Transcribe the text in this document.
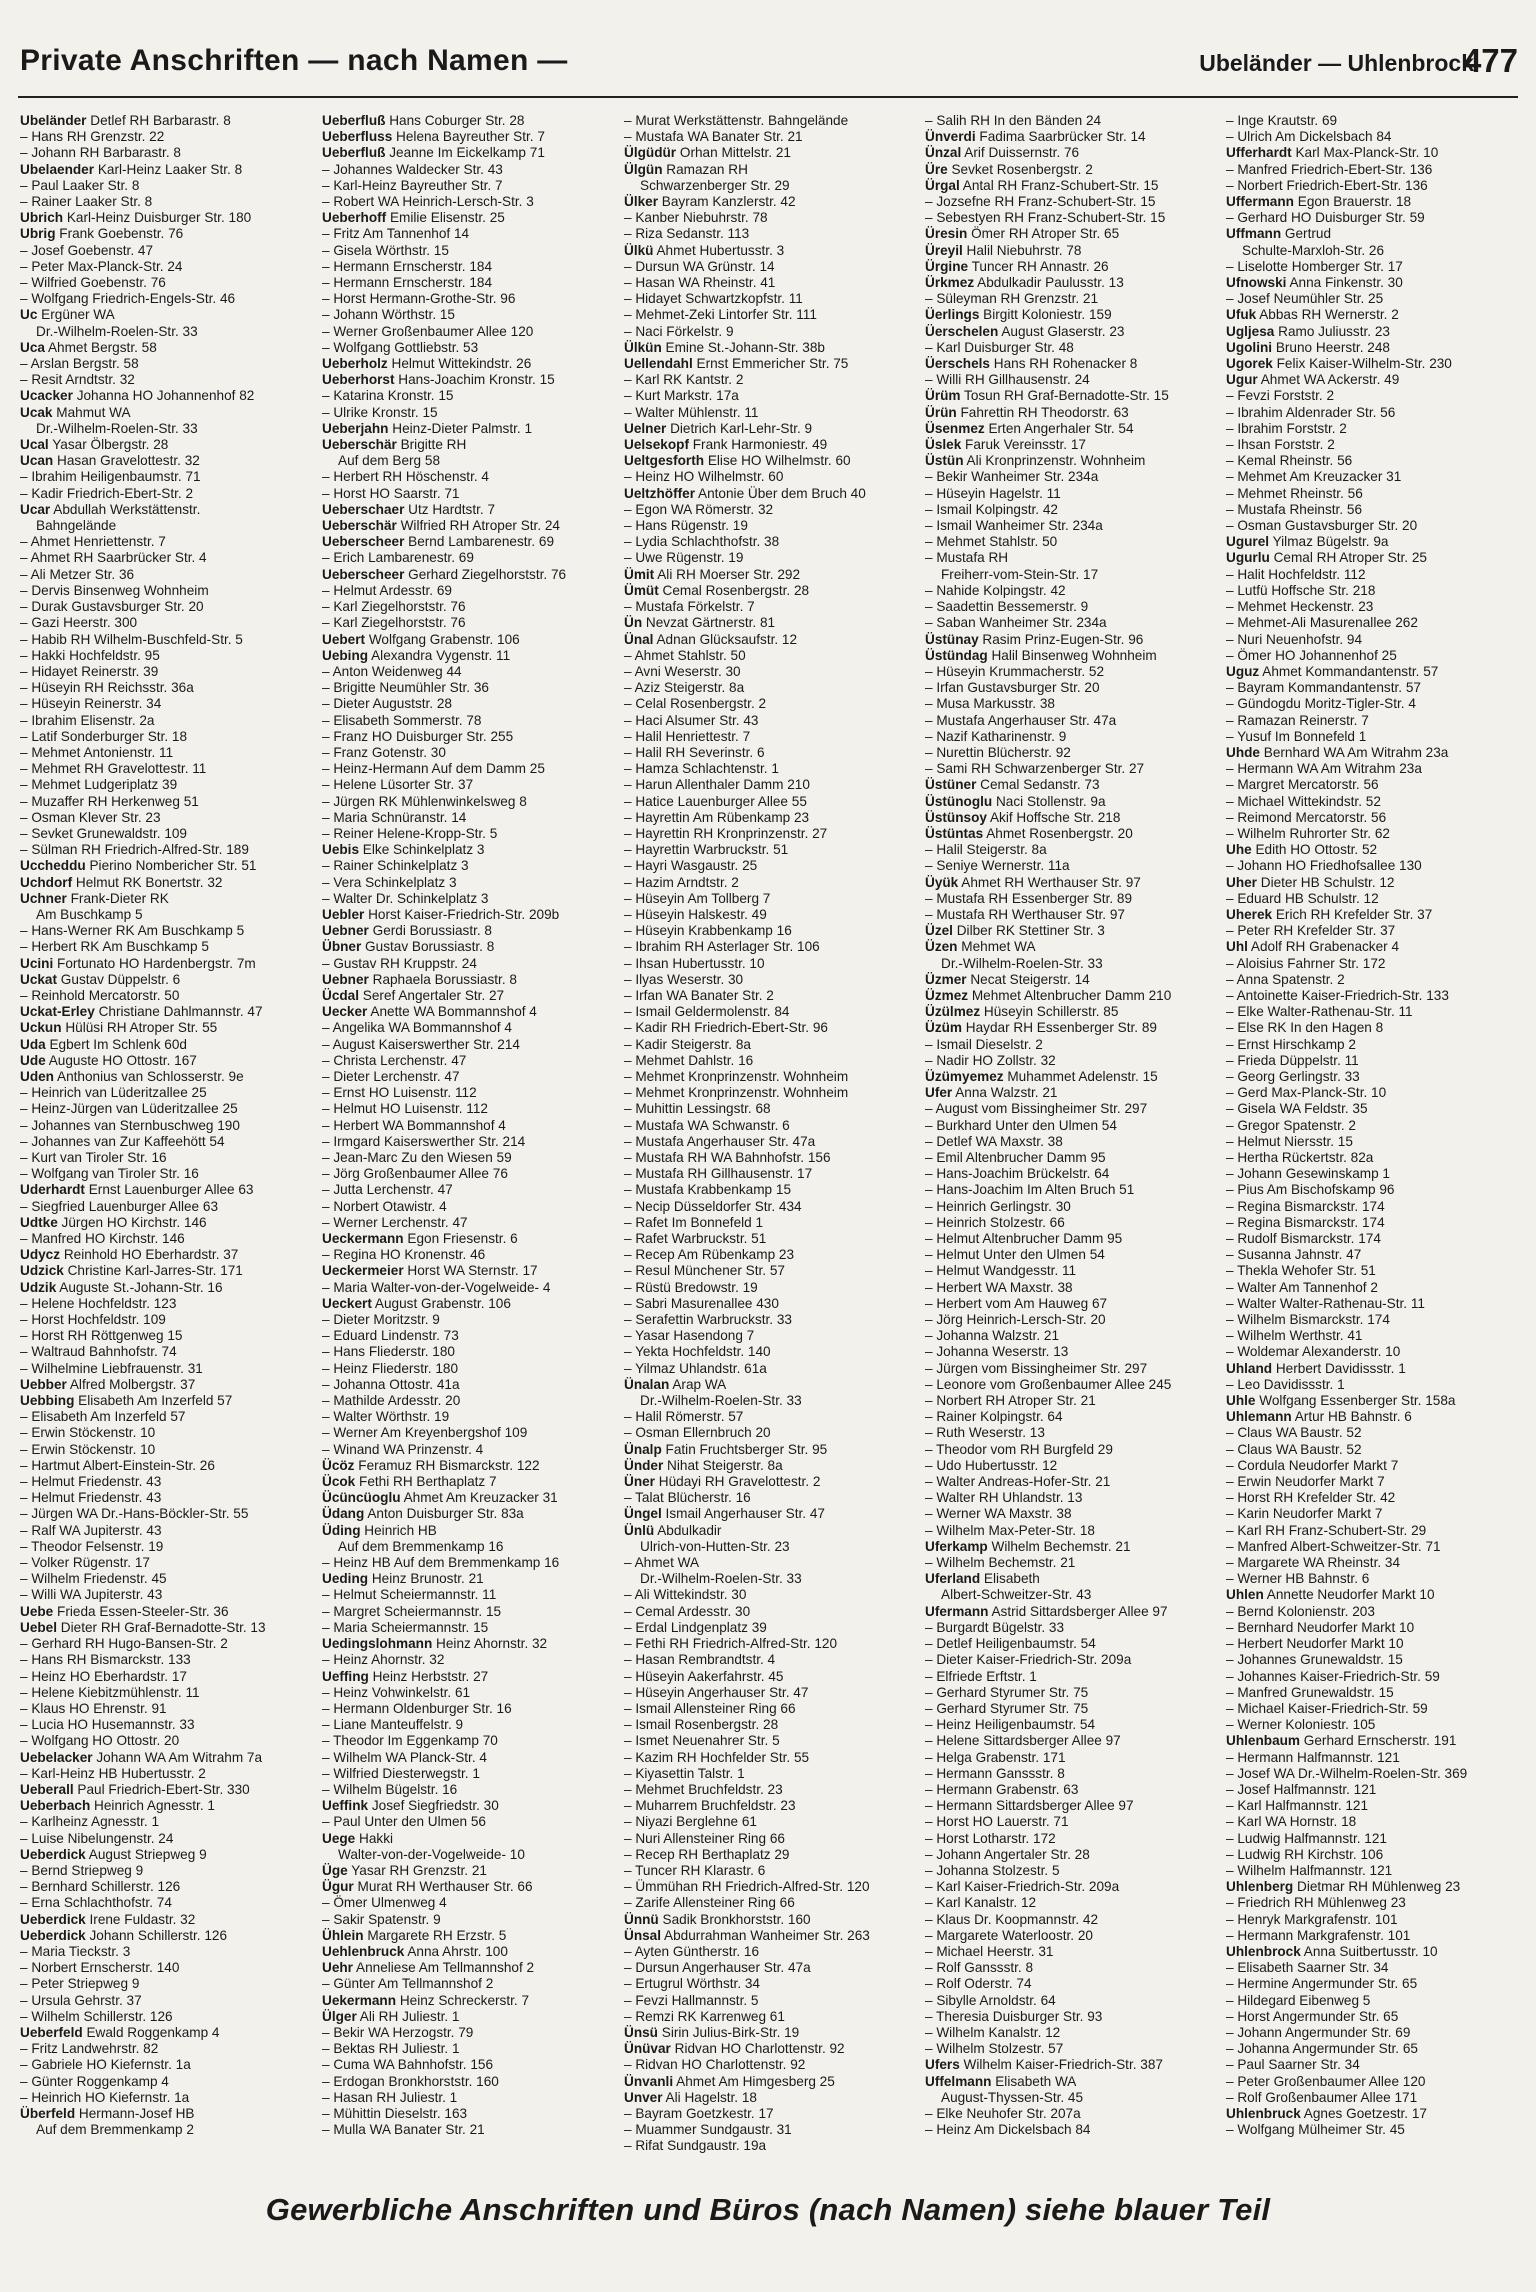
Private Anschriften — nach Namen —	Ubeländer — Uhlenbrock
477
Ubeländer Detlef RH Barbarastr. 8
– Hans RH Grenzstr. 22
– Johann RH Barbarastr. 8
Ubelaender Karl-Heinz Laaker Str. 8
– Paul Laaker Str. 8
– Rainer Laaker Str. 8
Ubrich Karl-Heinz Duisburger Str. 180
Ubrig Frank Goebenstr. 76
– Josef Goebenstr. 47
– Peter Max-Planck-Str. 24
– Wilfried Goebenstr. 76
– Wolfgang Friedrich-Engels-Str. 46
Uc Ergüner WA
Dr.-Wilhelm-Roelen-Str. 33
Uca Ahmet Bergstr. 58
– Arslan Bergstr. 58
– Resit Arndtstr. 32
Ucacker Johanna HO Johannenhof 82
Ucak Mahmut WA
Dr.-Wilhelm-Roelen-Str. 33
Ucal Yasar Ölbergstr. 28
Ucan Hasan Gravelottestr. 32
– Ibrahim Heiligenbaumstr. 71
– Kadir Friedrich-Ebert-Str. 2
Ucar Abdullah Werkstättenstr.
Bahngelände
– Ahmet Henriettenstr. 7
– Ahmet RH Saarbrücker Str. 4
– Ali Metzer Str. 36
– Dervis Binsenweg Wohnheim
– Durak Gustavsburger Str. 20
– Gazi Heerstr. 300
– Habib RH Wilhelm-Buschfeld-Str. 5
– Hakki Hochfeldstr. 95
– Hidayet Reinerstr. 39
– Hüseyin RH Reichsstr. 36a
– Hüseyin Reinerstr. 34
– Ibrahim Elisenstr. 2a
– Latif Sonderburger Str. 18
– Mehmet Antonienstr. 11
– Mehmet RH Gravelottestr. 11
– Mehmet Ludgeriplatz 39
– Muzaffer RH Herkenweg 51
– Osman Klever Str. 23
– Sevket Grunewaldstr. 109
– Sülman RH Friedrich-Alfred-Str. 189
Uccheddu Pierino Nombericher Str. 51
Uchdorf Helmut RK Bonertstr. 32
Uchner Frank-Dieter RK
Am Buschkamp 5
– Hans-Werner RK Am Buschkamp 5
– Herbert RK Am Buschkamp 5
Ucini Fortunato HO Hardenbergstr. 7m
Uckat Gustav Düppelstr. 6
– Reinhold Mercatorstr. 50
Uckat-Erley Christiane Dahlmannstr. 47
Uckun Hülüsi RH Atroper Str. 55
Uda Egbert Im Schlenk 60d
Ude Auguste HO Ottostr. 167
Uden Anthonius van Schlosserstr. 9e
– Heinrich van Lüderitzallee 25
– Heinz-Jürgen van Lüderitzallee 25
– Johannes van Sternbuschweg 190
– Johannes van Zur Kaffeehött 54
– Kurt van Tiroler Str. 16
– Wolfgang van Tiroler Str. 16
Uderhardt Ernst Lauenburger Allee 63
– Siegfried Lauenburger Allee 63
Udtke Jürgen HO Kirchstr. 146
– Manfred HO Kirchstr. 146
Udycz Reinhold HO Eberhardstr. 37
Udzick Christine Karl-Jarres-Str. 171
Udzik Auguste St.-Johann-Str. 16
– Helene Hochfeldstr. 123
– Horst Hochfeldstr. 109
– Horst RH Röttgenweg 15
– Waltraud Bahnhofstr. 74
– Wilhelmine Liebfrauenstr. 31
Uebber Alfred Molbergstr. 37
Uebbing Elisabeth Am Inzerfeld 57
– Elisabeth Am Inzerfeld 57
– Erwin Stöckenstr. 10
– Erwin Stöckenstr. 10
– Hartmut Albert-Einstein-Str. 26
– Helmut Friedenstr. 43
– Helmut Friedenstr. 43
– Jürgen WA Dr.-Hans-Böckler-Str. 55
– Ralf WA Jupiterstr. 43
– Theodor Felsenstr. 19
– Volker Rügenstr. 17
– Wilhelm Friedenstr. 45
– Willi WA Jupiterstr. 43
Uebe Frieda Essen-Steeler-Str. 36
Uebel Dieter RH Graf-Bernadotte-Str. 13
– Gerhard RH Hugo-Bansen-Str. 2
– Hans RH Bismarckstr. 133
– Heinz HO Eberhardstr. 17
– Helene Kiebitzmühlenstr. 11
– Klaus HO Ehrenstr. 91
– Lucia HO Husemannstr. 33
– Wolfgang HO Ottostr. 20
Uebelacker Johann WA Am Witrahm 7a
– Karl-Heinz HB Hubertusstr. 2
Ueberall Paul Friedrich-Ebert-Str. 330
Ueberbach Heinrich Agnesstr. 1
– Karlheinz Agnesstr. 1
– Luise Nibelungenstr. 24
Ueberdick August Striepweg 9
– Bernd Striepweg 9
– Bernhard Schillerstr. 126
– Erna Schlachthofstr. 74
Ueberdick Irene Fuldastr. 32
Ueberdick Johann Schillerstr. 126
– Maria Tieckstr. 3
– Norbert Ernscherstr. 140
– Peter Striepweg 9
– Ursula Gehrstr. 37
– Wilhelm Schillerstr. 126
Ueberfeld Ewald Roggenkamp 4
– Fritz Landwehrstr. 82
– Gabriele HO Kiefernstr. 1a
– Günter Roggenkamp 4
– Heinrich HO Kiefernstr. 1a
Überfeld Hermann-Josef HB
Auf dem Bremmenkamp 2
Ueberfluß Hans Coburger Str. 28
Ueberfluss Helena Bayreuther Str. 7
Ueberfluß Jeanne Im Eickelkamp 71
– Johannes Waldecker Str. 43
– Karl-Heinz Bayreuther Str. 7
– Robert WA Heinrich-Lersch-Str. 3
Ueberhoff Emilie Elisenstr. 25
– Fritz Am Tannenhof 14
– Gisela Wörthstr. 15
– Hermann Ernscherstr. 184
– Hermann Ernscherstr. 184
– Horst Hermann-Grothe-Str. 96
– Johann Wörthstr. 15
– Werner Großenbaumer Allee 120
– Wolfgang Gottliebstr. 53
Ueberholz Helmut Wittekindstr. 26
Ueberhorst Hans-Joachim Kronstr. 15
– Katarina Kronstr. 15
– Ulrike Kronstr. 15
Ueberjahn Heinz-Dieter Palmstr. 1
Ueberschär Brigitte RH
Auf dem Berg 58
– Herbert RH Höschenstr. 4
– Horst HO Saarstr. 71
Ueberschaer Utz Hardtstr. 7
Ueberschär Wilfried RH Atroper Str. 24
Ueberscheer Bernd Lambarenestr. 69
– Erich Lambarenestr. 69
Ueberscheer Gerhard Ziegelhorststr. 76
– Helmut Ardesstr. 69
– Karl Ziegelhorststr. 76
– Karl Ziegelhorststr. 76
Uebert Wolfgang Grabenstr. 106
Uebing Alexandra Vygenstr. 11
– Anton Weidenweg 44
– Brigitte Neumühler Str. 36
– Dieter Auguststr. 28
– Elisabeth Sommerstr. 78
– Franz HO Duisburger Str. 255
– Franz Gotenstr. 30
– Heinz-Hermann Auf dem Damm 25
– Helene Lüsorter Str. 37
– Jürgen RK Mühlenwinkelsweg 8
– Maria Schnüranstr. 14
– Reiner Helene-Kropp-Str. 5
Uebis Elke Schinkelplatz 3
– Rainer Schinkelplatz 3
– Vera Schinkelplatz 3
– Walter Dr. Schinkelplatz 3
Uebler Horst Kaiser-Friedrich-Str. 209b
Uebner Gerdi Borussiastr. 8
Übner Gustav Borussiastr. 8
– Gustav RH Kruppstr. 24
Uebner Raphaela Borussiastr. 8
Ücdal Seref Angertaler Str. 27
Uecker Anette WA Bommannshof 4
– Angelika WA Bommannshof 4
– August Kaiserswerther Str. 214
– Christa Lerchenstr. 47
– Dieter Lerchenstr. 47
– Ernst HO Luisenstr. 112
– Helmut HO Luisenstr. 112
– Herbert WA Bommannshof 4
– Irmgard Kaiserswerther Str. 214
– Jean-Marc Zu den Wiesen 59
– Jörg Großenbaumer Allee 76
– Jutta Lerchenstr. 47
– Norbert Otawistr. 4
– Werner Lerchenstr. 47
Ueckermann Egon Friesenstr. 6
– Regina HO Kronenstr. 46
Ueckermeier Horst WA Sternstr. 17
– Maria Walter-von-der-Vogelweide- 4
Ueckert August Grabenstr. 106
– Dieter Moritzstr. 9
– Eduard Lindenstr. 73
– Hans Fliederstr. 180
– Heinz Fliederstr. 180
– Johanna Ottostr. 41a
– Mathilde Ardesstr. 20
– Walter Wörthstr. 19
– Werner Am Kreyenbergshof 109
– Winand WA Prinzenstr. 4
Ücöz Feramuz RH Bismarckstr. 122
Ücok Fethi RH Berthaplatz 7
Ücüncüoglu Ahmet Am Kreuzacker 31
Üdang Anton Duisburger Str. 83a
Üding Heinrich HB
Auf dem Bremmenkamp 16
– Heinz HB Auf dem Bremmenkamp 16
Ueding Heinz Brunostr. 21
– Helmut Scheiermannstr. 11
– Margret Scheiermannstr. 15
– Maria Scheiermannstr. 15
Uedingslohmann Heinz Ahornstr. 32
– Heinz Ahornstr. 32
Ueffing Heinz Herbststr. 27
– Heinz Vohwinkelstr. 61
– Hermann Oldenburger Str. 16
– Liane Manteuffelstr. 9
– Theodor Im Eggenkamp 70
– Wilhelm WA Planck-Str. 4
– Wilfried Diesterwegstr. 1
– Wilhelm Bügelstr. 16
Ueffink Josef Siegfriedstr. 30
– Paul Unter den Ulmen 56
Uege Hakki
Walter-von-der-Vogelweide- 10
Üge Yasar RH Grenzstr. 21
Ügur Murat RH Werthauser Str. 66
– Ömer Ulmenweg 4
– Sakir Spatenstr. 9
Ühlein Margarete RH Erzstr. 5
Uehlenbruck Anna Ahrstr. 100
Uehr Anneliese Am Tellmannshof 2
– Günter Am Tellmannshof 2
Uekermann Heinz Schreckerstr. 7
Ülger Ali RH Juliestr. 1
– Bekir WA Herzogstr. 79
– Bektas RH Juliestr. 1
– Cuma WA Bahnhofstr. 156
– Erdogan Bronkhorststr. 160
– Hasan RH Juliestr. 1
– Mühittin Dieselstr. 163
– Mulla WA Banater Str. 21
– Murat Werkstättenstr. Bahngelände
– Mustafa WA Banater Str. 21
Ülgüdür Orhan Mittelstr. 21
Ülgün Ramazan RH
Schwarzenberger Str. 29
Ülker Bayram Kanzlerstr. 42
– Kanber Niebuhrstr. 78
– Riza Sedanstr. 113
Ülkü Ahmet Hubertusstr. 3
– Dursun WA Grünstr. 14
– Hasan WA Rheinstr. 41
– Hidayet Schwartzkopfstr. 11
– Mehmet-Zeki Lintorfer Str. 111
– Naci Förkelstr. 9
Ülkün Emine St.-Johann-Str. 38b
Uellendahl Ernst Emmericher Str. 75
– Karl RK Kantstr. 2
– Kurt Markstr. 17a
– Walter Mühlenstr. 11
Uelner Dietrich Karl-Lehr-Str. 9
Uelsekopf Frank Harmoniestr. 49
Ueltgesforth Elise HO Wilhelmstr. 60
– Heinz HO Wilhelmstr. 60
Ueltzhöffer Antonie Über dem Bruch 40
– Egon WA Römerstr. 32
– Hans Rügenstr. 19
– Lydia Schlachthofstr. 38
– Uwe Rügenstr. 19
Ümit Ali RH Moerser Str. 292
Ümüt Cemal Rosenbergstr. 28
– Mustafa Förkelstr. 7
Ün Nevzat Gärtnerstr. 81
Ünal Adnan Glücksaufstr. 12
– Ahmet Stahlstr. 50
– Avni Weserstr. 30
– Aziz Steigerstr. 8a
– Celal Rosenbergstr. 2
– Haci Alsumer Str. 43
– Halil Henriettestr. 7
– Halil RH Severinstr. 6
– Hamza Schlachtenstr. 1
– Harun Allenthaler Damm 210
– Hatice Lauenburger Allee 55
– Hayrettin Am Rübenkamp 23
– Hayrettin RH Kronprinzenstr. 27
– Hayrettin Warbruckstr. 51
– Hayri Wasgaustr. 25
– Hazim Arndtstr. 2
– Hüseyin Am Tollberg 7
– Hüseyin Halskestr. 49
– Hüseyin Krabbenkamp 16
– Ibrahim RH Asterlager Str. 106
– Ihsan Hubertusstr. 10
– Ilyas Weserstr. 30
– Irfan WA Banater Str. 2
– Ismail Geldermolenstr. 84
– Kadir RH Friedrich-Ebert-Str. 96
– Kadir Steigerstr. 8a
– Mehmet Dahlstr. 16
– Mehmet Kronprinzenstr. Wohnheim
– Mehmet Kronprinzenstr. Wohnheim
– Muhittin Lessingstr. 68
– Mustafa WA Schwanstr. 6
– Mustafa Angerhauser Str. 47a
– Mustafa RH WA Bahnhofstr. 156
– Mustafa RH Gillhausenstr. 17
– Mustafa Krabbenkamp 15
– Necip Düsseldorfer Str. 434
– Rafet Im Bonnefeld 1
– Rafet Warbruckstr. 51
– Recep Am Rübenkamp 23
– Resul Münchener Str. 57
– Rüstü Bredowstr. 19
– Sabri Masurenallee 430
– Serafettin Warbruckstr. 33
– Yasar Hasendong 7
– Yekta Hochfeldstr. 140
– Yilmaz Uhlandstr. 61a
Ünalan Arap WA
Dr.-Wilhelm-Roelen-Str. 33
– Halil Römerstr. 57
– Osman Ellernbruch 20
Ünalp Fatin Fruchtsberger Str. 95
Ünder Nihat Steigerstr. 8a
Üner Hüdayi RH Gravelottestr. 2
– Talat Blücherstr. 16
Üngel Ismail Angerhauser Str. 47
Ünlü Abdulkadir
Ulrich-von-Hutten-Str. 23
– Ahmet WA
Dr.-Wilhelm-Roelen-Str. 33
– Ali Wittekindstr. 30
– Cemal Ardesstr. 30
– Erdal Lindgenplatz 39
– Fethi RH Friedrich-Alfred-Str. 120
– Hasan Rembrandtstr. 4
– Hüseyin Aakerfahrstr. 45
– Hüseyin Angerhauser Str. 47
– Ismail Allensteiner Ring 66
– Ismail Rosenbergstr. 28
– Ismet Neuenahrer Str. 5
– Kazim RH Hochfelder Str. 55
– Kiyasettin Talstr. 1
– Mehmet Bruchfeldstr. 23
– Muharrem Bruchfeldstr. 23
– Niyazi Berglehne 61
– Nuri Allensteiner Ring 66
– Recep RH Berthaplatz 29
– Tuncer RH Klarastr. 6
– Ümmühan RH Friedrich-Alfred-Str. 120
– Zarife Allensteiner Ring 66
Ünnü Sadik Bronkhorststr. 160
Ünsal Abdurrahman Wanheimer Str. 263
– Ayten Güntherstr. 16
– Dursun Angerhauser Str. 47a
– Ertugrul Wörthstr. 34
– Fevzi Hallmannstr. 5
– Remzi RK Karrenweg 61
Ünsü Sirin Julius-Birk-Str. 19
Ünüvar Ridvan HO Charlottenstr. 92
– Ridvan HO Charlottenstr. 92
Ünvanli Ahmet Am Himgesberg 25
Unver Ali Hagelstr. 18
– Bayram Goetzkestr. 17
– Muammer Sundgaustr. 31
– Rifat Sundgaustr. 19a
– Salih RH In den Bänden 24
Ünverdi Fadima Saarbrücker Str. 14
Ünzal Arif Duissernstr. 76
Üre Sevket Rosenbergstr. 2
Ürgal Antal RH Franz-Schubert-Str. 15
– Jozsefne RH Franz-Schubert-Str. 15
– Sebestyen RH Franz-Schubert-Str. 15
Üresin Ömer RH Atroper Str. 65
Üreyil Halil Niebuhrstr. 78
Ürgine Tuncer RH Annastr. 26
Ürkmez Abdulkadir Paulusstr. 13
– Süleyman RH Grenzstr. 21
Üerlings Birgitt Koloniestr. 159
Üerschelen August Glaserstr. 23
– Karl Duisburger Str. 48
Üerschels Hans RH Rohenacker 8
– Willi RH Gillhausenstr. 24
Ürüm Tosun RH Graf-Bernadotte-Str. 15
Ürün Fahrettin RH Theodorstr. 63
Üsenmez Erten Angerhaler Str. 54
Üslek Faruk Vereinsstr. 17
Üstün Ali Kronprinzenstr. Wohnheim
– Bekir Wanheimer Str. 234a
– Hüseyin Hagelstr. 11
– Ismail Kolpingstr. 42
– Ismail Wanheimer Str. 234a
– Mehmet Stahlstr. 50
– Mustafa RH
Freiherr-vom-Stein-Str. 17
– Nahide Kolpingstr. 42
– Saadettin Bessemerstr. 9
– Saban Wanheimer Str. 234a
Üstünay Rasim Prinz-Eugen-Str. 96
Üstündag Halil Binsenweg Wohnheim
– Hüseyin Krummacherstr. 52
– Irfan Gustavsburger Str. 20
– Musa Markusstr. 38
– Mustafa Angerhauser Str. 47a
– Nazif Katharinenstr. 9
– Nurettin Blücherstr. 92
– Sami RH Schwarzenberger Str. 27
Üstüner Cemal Sedanstr. 73
Üstünoglu Naci Stollenstr. 9a
Üstünsoy Akif Hoffsche Str. 218
Üstüntas Ahmet Rosenbergstr. 20
– Halil Steigerstr. 8a
– Seniye Wernerstr. 11a
Üyük Ahmet RH Werthauser Str. 97
– Mustafa RH Essenberger Str. 89
– Mustafa RH Werthauser Str. 97
Üzel Dilber RK Stettiner Str. 3
Üzen Mehmet WA
Dr.-Wilhelm-Roelen-Str. 33
Üzmer Necat Steigerstr. 14
Üzmez Mehmet Altenbrucher Damm 210
Üzülmez Hüseyin Schillerstr. 85
Üzüm Haydar RH Essenberger Str. 89
– Ismail Dieselstr. 2
– Nadir HO Zollstr. 32
Üzümyemez Muhammet Adelenstr. 15
Ufer Anna Walzstr. 21
– August vom Bissingheimer Str. 297
– Burkhard Unter den Ulmen 54
– Detlef WA Maxstr. 38
– Emil Altenbrucher Damm 95
– Hans-Joachim Brückelstr. 64
– Hans-Joachim Im Alten Bruch 51
– Heinrich Gerlingstr. 30
– Heinrich Stolzestr. 66
– Helmut Altenbrucher Damm 95
– Helmut Unter den Ulmen 54
– Helmut Wandgesstr. 11
– Herbert WA Maxstr. 38
– Herbert vom Am Hauweg 67
– Jörg Heinrich-Lersch-Str. 20
– Johanna Walzstr. 21
– Johanna Weserstr. 13
– Jürgen vom Bissingheimer Str. 297
– Leonore vom Großenbaumer Allee 245
– Norbert RH Atroper Str. 21
– Rainer Kolpingstr. 64
– Ruth Weserstr. 13
– Theodor vom RH Burgfeld 29
– Udo Hubertusstr. 12
– Walter Andreas-Hofer-Str. 21
– Walter RH Uhlandstr. 13
– Werner WA Maxstr. 38
– Wilhelm Max-Peter-Str. 18
Uferkamp Wilhelm Bechemstr. 21
– Wilhelm Bechemstr. 21
Uferland Elisabeth
Albert-Schweitzer-Str. 43
Ufermann Astrid Sittardsberger Allee 97
– Burgardt Bügelstr. 33
– Detlef Heiligenbaumstr. 54
– Dieter Kaiser-Friedrich-Str. 209a
– Elfriede Erftstr. 1
– Gerhard Styrumer Str. 75
– Gerhard Styrumer Str. 75
– Heinz Heiligenbaumstr. 54
– Helene Sittardsberger Allee 97
– Helga Grabenstr. 171
– Hermann Ganssstr. 8
– Hermann Grabenstr. 63
– Hermann Sittardsberger Allee 97
– Horst HO Lauerstr. 71
– Horst Lotharstr. 172
– Johann Angertaler Str. 28
– Johanna Stolzestr. 5
– Karl Kaiser-Friedrich-Str. 209a
– Karl Kanalstr. 12
– Klaus Dr. Koopmannstr. 42
– Margarete Waterloostr. 20
– Michael Heerstr. 31
– Rolf Ganssstr. 8
– Rolf Oderstr. 74
– Sibylle Arnoldstr. 64
– Theresia Duisburger Str. 93
– Wilhelm Kanalstr. 12
– Wilhelm Stolzestr. 57
Ufers Wilhelm Kaiser-Friedrich-Str. 387
Uffelmann Elisabeth WA
August-Thyssen-Str. 45
– Elke Neuhofer Str. 207a
– Heinz Am Dickelsbach 84
– Inge Krautstr. 69
– Ulrich Am Dickelsbach 84
Ufferhardt Karl Max-Planck-Str. 10
– Manfred Friedrich-Ebert-Str. 136
– Norbert Friedrich-Ebert-Str. 136
Uffermann Egon Brauerstr. 18
– Gerhard HO Duisburger Str. 59
Uffmann Gertrud
Schulte-Marxloh-Str. 26
– Liselotte Homberger Str. 17
Ufnowski Anna Finkenstr. 30
– Josef Neumühler Str. 25
Ufuk Abbas RH Wernerstr. 2
Ugljesa Ramo Juliusstr. 23
Ugolini Bruno Heerstr. 248
Ugorek Felix Kaiser-Wilhelm-Str. 230
Ugur Ahmet WA Ackerstr. 49
– Fevzi Forststr. 2
– Ibrahim Aldenrader Str. 56
– Ibrahim Forststr. 2
– Ihsan Forststr. 2
– Kemal Rheinstr. 56
– Mehmet Am Kreuzacker 31
– Mehmet Rheinstr. 56
– Mustafa Rheinstr. 56
– Osman Gustavsburger Str. 20
Ugurel Yilmaz Bügelstr. 9a
Ugurlu Cemal RH Atroper Str. 25
– Halit Hochfeldstr. 112
– Lutfü Hoffsche Str. 218
– Mehmet Heckenstr. 23
– Mehmet-Ali Masurenallee 262
– Nuri Neuenhofstr. 94
– Ömer HO Johannenhof 25
Uguz Ahmet Kommandantenstr. 57
– Bayram Kommandantenstr. 57
– Gündogdu Moritz-Tigler-Str. 4
– Ramazan Reinerstr. 7
– Yusuf Im Bonnefeld 1
Uhde Bernhard WA Am Witrahm 23a
– Hermann WA Am Witrahm 23a
– Margret Mercatorstr. 56
– Michael Wittekindstr. 52
– Reimond Mercatorstr. 56
– Wilhelm Ruhrorter Str. 62
Uhe Edith HO Ottostr. 52
– Johann HO Friedhofsallee 130
Uher Dieter HB Schulstr. 12
– Eduard HB Schulstr. 12
Uherek Erich RH Krefelder Str. 37
– Peter RH Krefelder Str. 37
Uhl Adolf RH Grabenacker 4
– Aloisius Fahrner Str. 172
– Anna Spatenstr. 2
– Antoinette Kaiser-Friedrich-Str. 133
– Elke Walter-Rathenau-Str. 11
– Else RK In den Hagen 8
– Ernst Hirschkamp 2
– Frieda Düppelstr. 11
– Georg Gerlingstr. 33
– Gerd Max-Planck-Str. 10
– Gisela WA Feldstr. 35
– Gregor Spatenstr. 2
– Helmut Niersstr. 15
– Hertha Rückertstr. 82a
– Johann Gesewinskamp 1
– Pius Am Bischofskamp 96
– Regina Bismarckstr. 174
– Regina Bismarckstr. 174
– Rudolf Bismarckstr. 174
– Susanna Jahnstr. 47
– Thekla Wehofer Str. 51
– Walter Am Tannenhof 2
– Walter Walter-Rathenau-Str. 11
– Wilhelm Bismarckstr. 174
– Wilhelm Werthstr. 41
– Woldemar Alexanderstr. 10
Uhland Herbert Davidissstr. 1
– Leo Davidissstr. 1
Uhle Wolfgang Essenberger Str. 158a
Uhlemann Artur HB Bahnstr. 6
– Claus WA Baustr. 52
– Claus WA Baustr. 52
– Cordula Neudorfer Markt 7
– Erwin Neudorfer Markt 7
– Horst RH Krefelder Str. 42
– Karin Neudorfer Markt 7
– Karl RH Franz-Schubert-Str. 29
– Manfred Albert-Schweitzer-Str. 71
– Margarete WA Rheinstr. 34
– Werner HB Bahnstr. 6
Uhlen Annette Neudorfer Markt 10
– Bernd Kolonienstr. 203
– Bernhard Neudorfer Markt 10
– Herbert Neudorfer Markt 10
– Johannes Grunewaldstr. 15
– Johannes Kaiser-Friedrich-Str. 59
– Manfred Grunewaldstr. 15
– Michael Kaiser-Friedrich-Str. 59
– Werner Koloniestr. 105
Uhlenbaum Gerhard Ernscherstr. 191
– Hermann Halfmannstr. 121
– Josef WA Dr.-Wilhelm-Roelen-Str. 369
– Josef Halfmannstr. 121
– Karl Halfmannstr. 121
– Karl WA Hornstr. 18
– Ludwig Halfmannstr. 121
– Ludwig RH Kirchstr. 106
– Wilhelm Halfmannstr. 121
Uhlenberg Dietmar RH Mühlenweg 23
– Friedrich RH Mühlenweg 23
– Henryk Markgrafenstr. 101
– Hermann Markgrafenstr. 101
Uhlenbrock Anna Suitbertusstr. 10
– Elisabeth Saarner Str. 34
– Hermine Angermunder Str. 65
– Hildegard Eibenweg 5
– Horst Angermunder Str. 65
– Johann Angermunder Str. 69
– Johanna Angermunder Str. 65
– Paul Saarner Str. 34
– Peter Großenbaumer Allee 120
– Rolf Großenbaumer Allee 171
Uhlenbruck Agnes Goetzestr. 17
– Wolfgang Mülheimer Str. 45
Gewerbliche Anschriften und Büros (nach Namen) siehe blauer Teil
